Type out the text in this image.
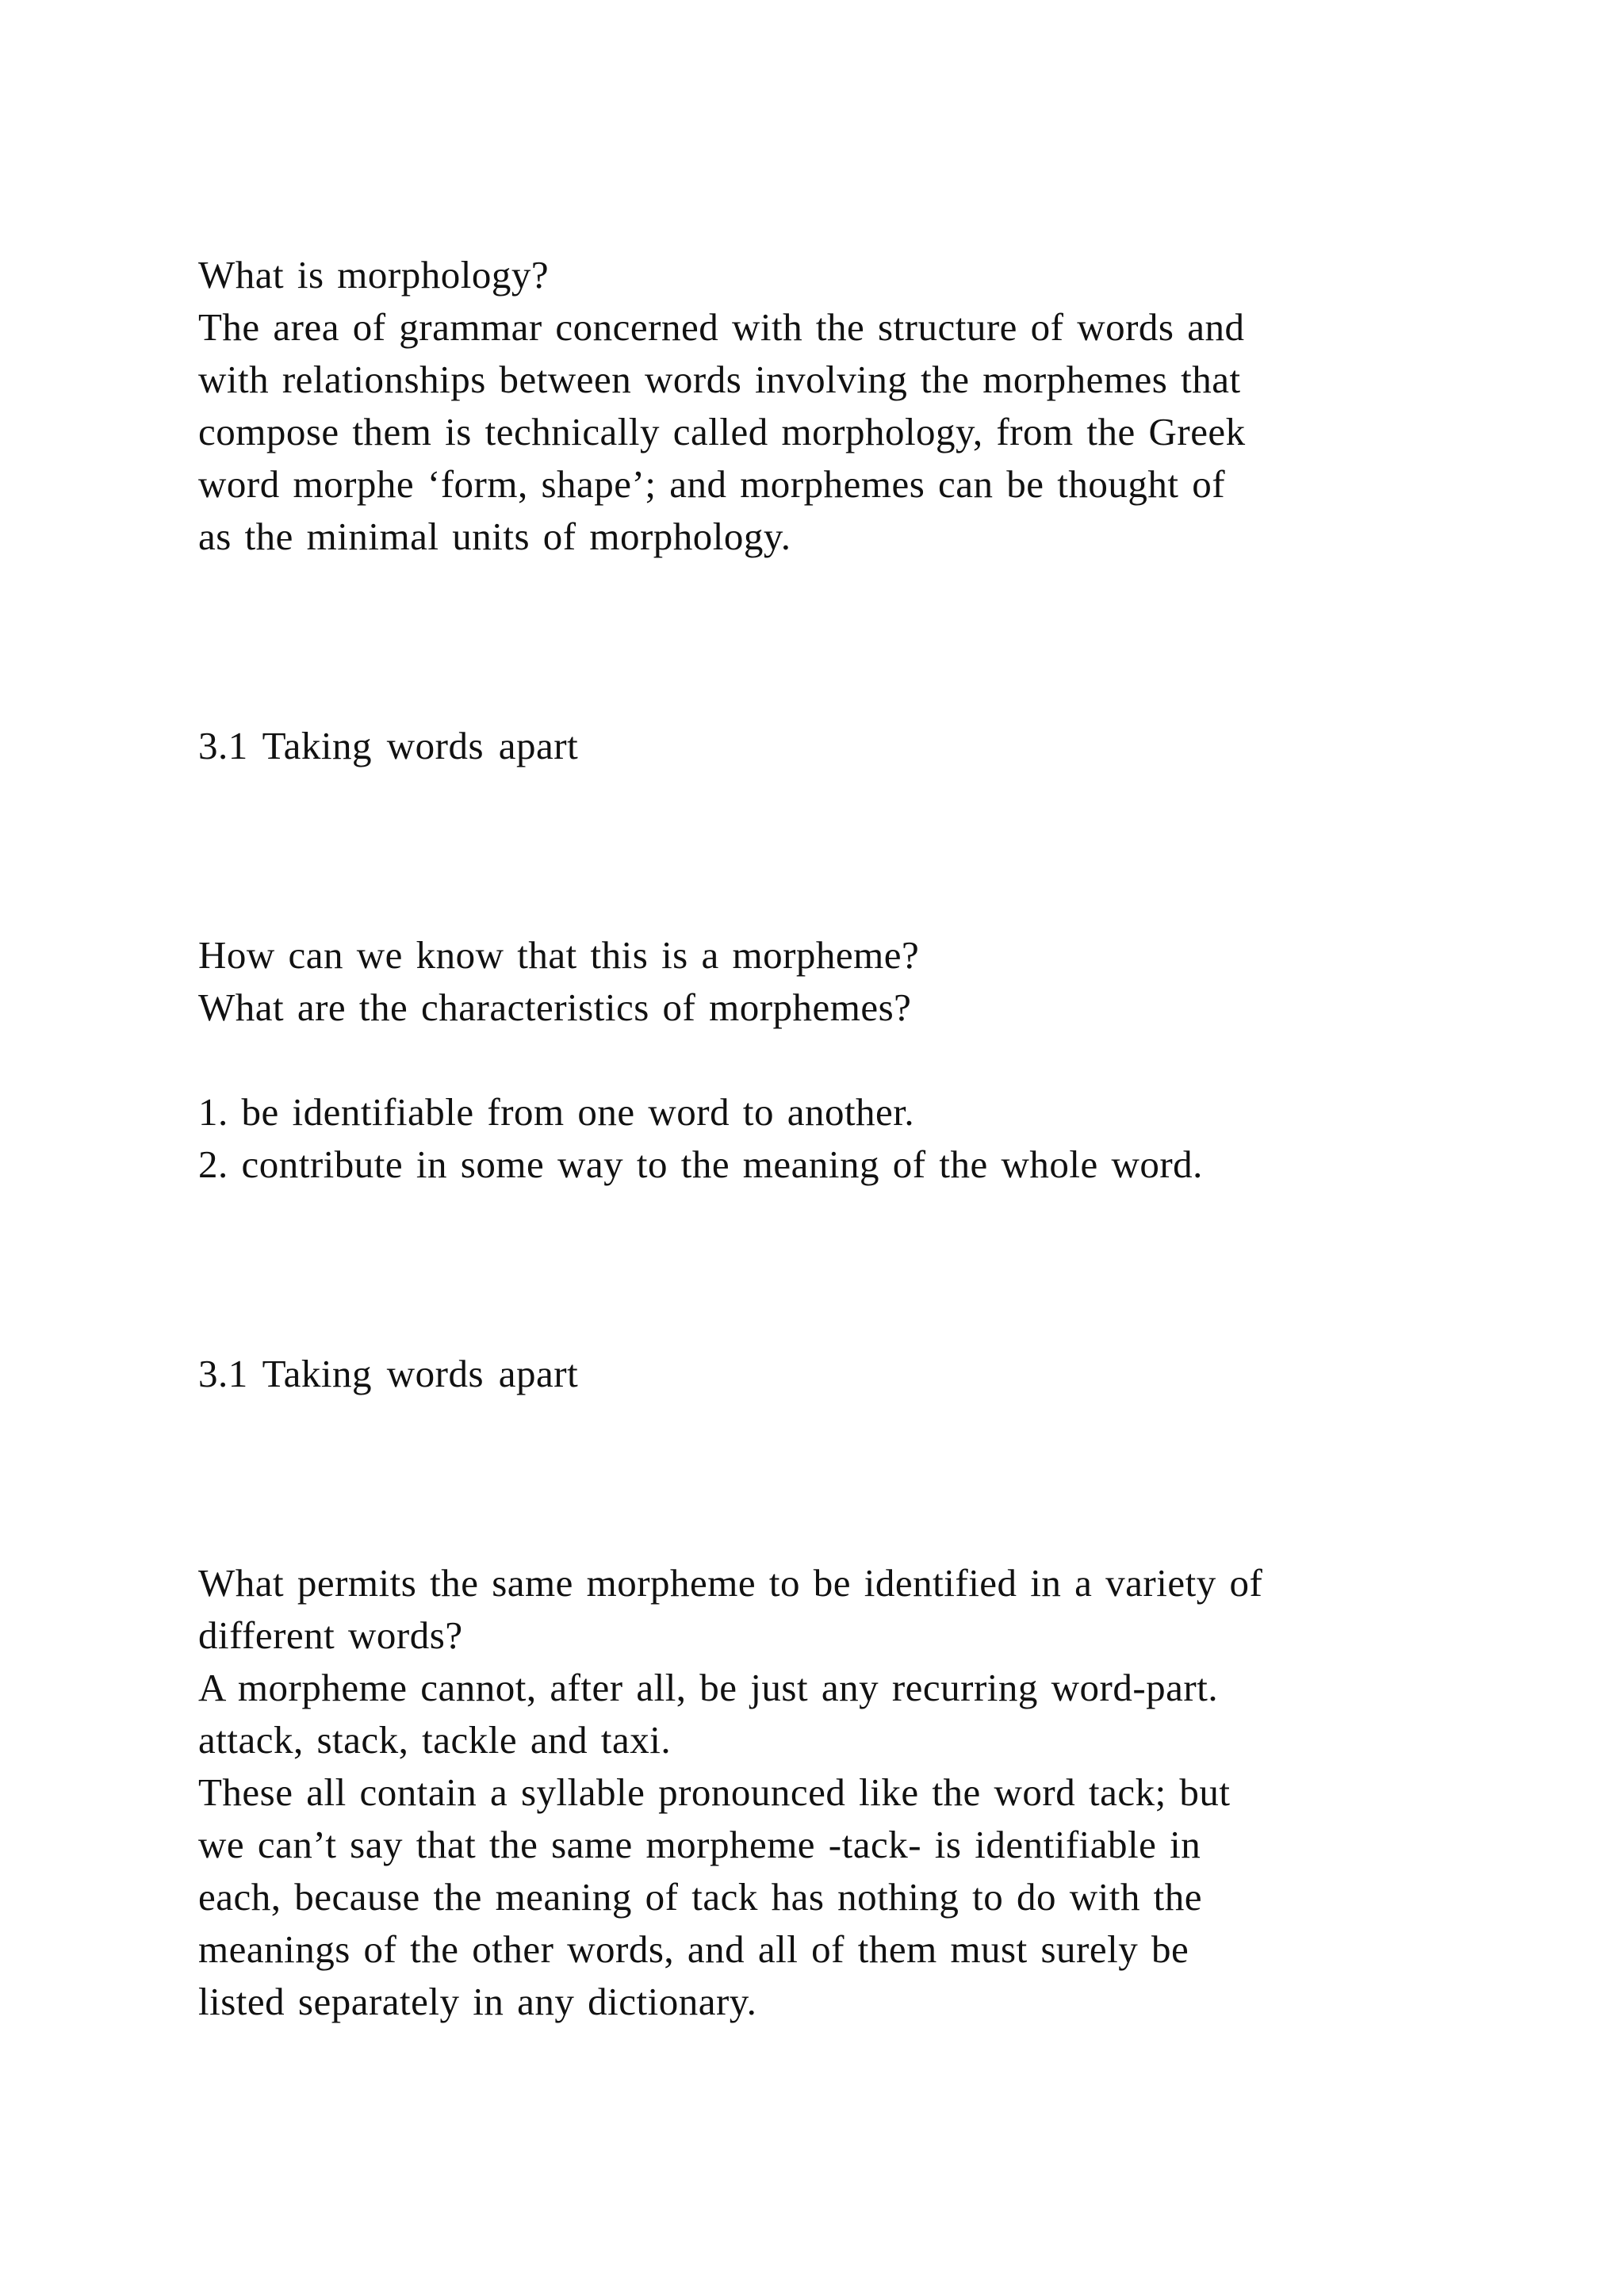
What is morphology?
The area of grammar concerned with the structure of words and
with relationships between words involving the morphemes that
compose them is technically called morphology, from the Greek
word morphe ‘form, shape’; and morphemes can be thought of
as the minimal units of morphology.
3.1 Taking words apart
How can we know that this is a morpheme?
What are the characteristics of morphemes?
1. be identifiable from one word to another.
2. contribute in some way to the meaning of the whole word.
3.1 Taking words apart
What permits the same morpheme to be identified in a variety of
different words?
A morpheme cannot, after all, be just any recurring word-part.
attack, stack, tackle and taxi.
These all contain a syllable pronounced like the word tack; but
we can’t say that the same morpheme -tack- is identifiable in
each, because the meaning of tack has nothing to do with the
meanings of the other words, and all of them must surely be
listed separately in any dictionary.
